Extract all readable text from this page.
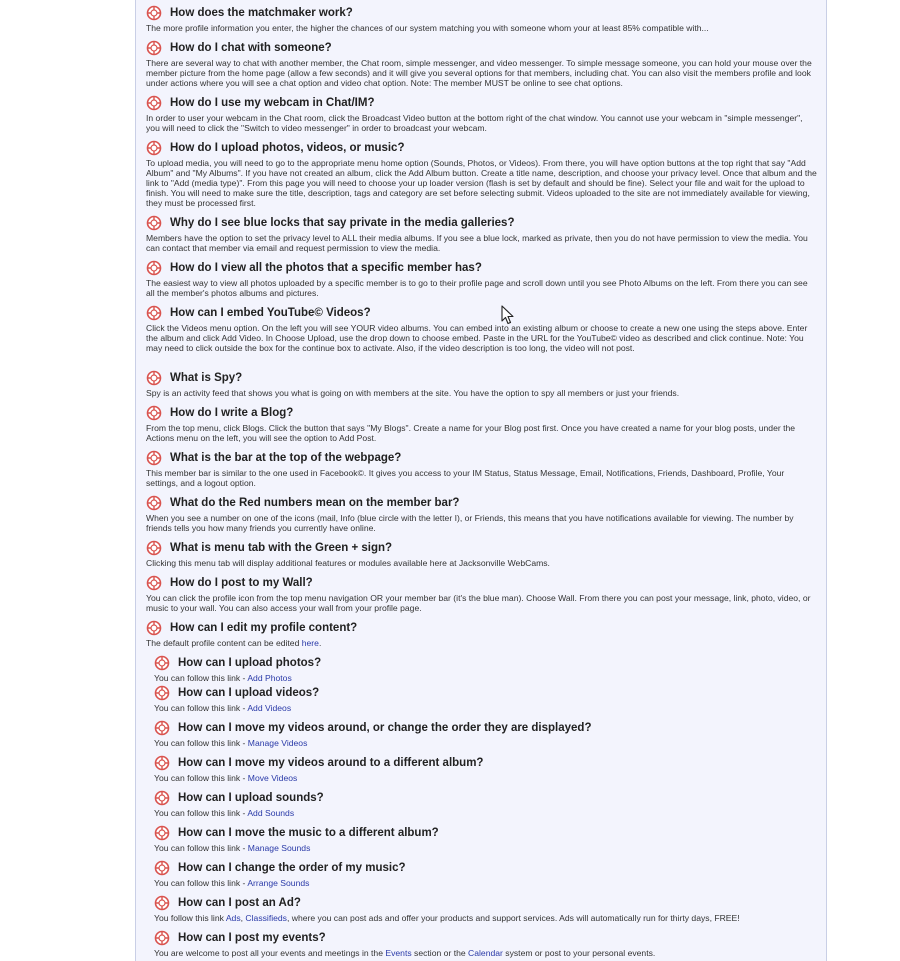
How does the matchmaker work?

The more profile information you enter, the higher the chances of our system matching you with someone whom your at least 85% compatible with...

How do I chat with someone?

There are several way to chat with another member, the Chat room, simple messenger, and video messenger. To simple message someone, you can hold your mouse over the member picture from the home page (allow a few seconds) and it will give you several options for that members, including chat. You can also visit the members profile and look under actions where you will see a chat option and video chat option. Note: The member MUST be online to see chat options.

How do I use my webcam in Chat/IM?

In order to user your webcam in the Chat room, click the Broadcast Video button at the bottom right of the chat window. You cannot use your webcam in "simple messenger", you will need to click the "Switch to video messenger" in order to broadcast your webcam.

How do I upload photos, videos, or music?

To upload media, you will need to go to the appropriate menu home option (Sounds, Photos, or Videos). From there, you will have option buttons at the top right that say "Add Album" and "My Albums". If you have not created an album, click the Add Album button. Create a title name, description, and choose your privacy level. Once that album and the link to "Add (media type)". From this page you will need to choose your up loader version (flash is set by default and should be fine). Select your file and wait for the upload to finish. You will need to make sure the title, description, tags and category are set before selecting submit. Videos uploaded to the site are not immediately available for viewing, they must be processed first.

Why do I see blue locks that say private in the media galleries?

Members have the option to set the privacy level to ALL their media albums. If you see a blue lock, marked as private, then you do not have permission to view the media. You can contact that member via email and request permission to view the media.

How do I view all the photos that a specific member has?

The easiest way to view all photos uploaded by a specific member is to go to their profile page and scroll down until you see Photo Albums on the left. From there you can see all the member's photos albums and pictures.

How can I embed YouTube© Videos?

Click the Videos menu option. On the left you will see YOUR video albums. You can embed into an existing album or choose to create a new one using the steps above. Enter the album and click Add Video. In Choose Upload, use the drop down to choose embed. Paste in the URL for the YouTube© video as described and click continue. Note: You may need to click outside the box for the continue box to activate. Also, if the video description is too long, the video will not post.

What is Spy?

Spy is an activity feed that shows you what is going on with members at the site. You have the option to spy all members or just your friends.

How do I write a Blog?

From the top menu, click Blogs. Click the button that says "My Blogs". Create a name for your Blog post first. Once you have created a name for your blog posts, under the Actions menu on the left, you will see the option to Add Post.

What is the bar at the top of the webpage?

This member bar is similar to the one used in Facebook©. It gives you access to your IM Status, Status Message, Email, Notifications, Friends, Dashboard, Profile, Your settings, and a logout option.

What do the Red numbers mean on the member bar?

When you see a number on one of the icons (mail, Info (blue circle with the letter I), or Friends, this means that you have notifications available for viewing. The number by friends tells you how many friends you currently have online.

What is menu tab with the Green + sign?

Clicking this menu tab will display additional features or modules available here at Jacksonville WebCams.

How do I post to my Wall?

You can click the profile icon from the top menu navigation OR your member bar (it's the blue man). Choose Wall. From there you can post your message, link, photo, video, or music to your wall. You can also access your wall from your profile page.

How can I edit my profile content?

The default profile content can be edited here.

How can I upload photos?

You can follow this link - Add Photos

How can I upload videos?

You can follow this link - Add Videos

How can I move my videos around, or change the order they are displayed?

You can follow this link - Manage Videos

How can I move my videos around to a different album?

You can follow this link - Move Videos

How can I upload sounds?

You can follow this link - Add Sounds

How can I move the music to a different album?

You can follow this link - Manage Sounds

How can I change the order of my music?

You can follow this link - Arrange Sounds

How can I post an Ad?

You follow this link Ads, Classifieds, where you can post ads and offer your products and support services. Ads will automatically run for thirty days, FREE!

How can I post my events?

You are welcome to post all your events and meetings in the Events section or the Calendar system or post to your personal events.
